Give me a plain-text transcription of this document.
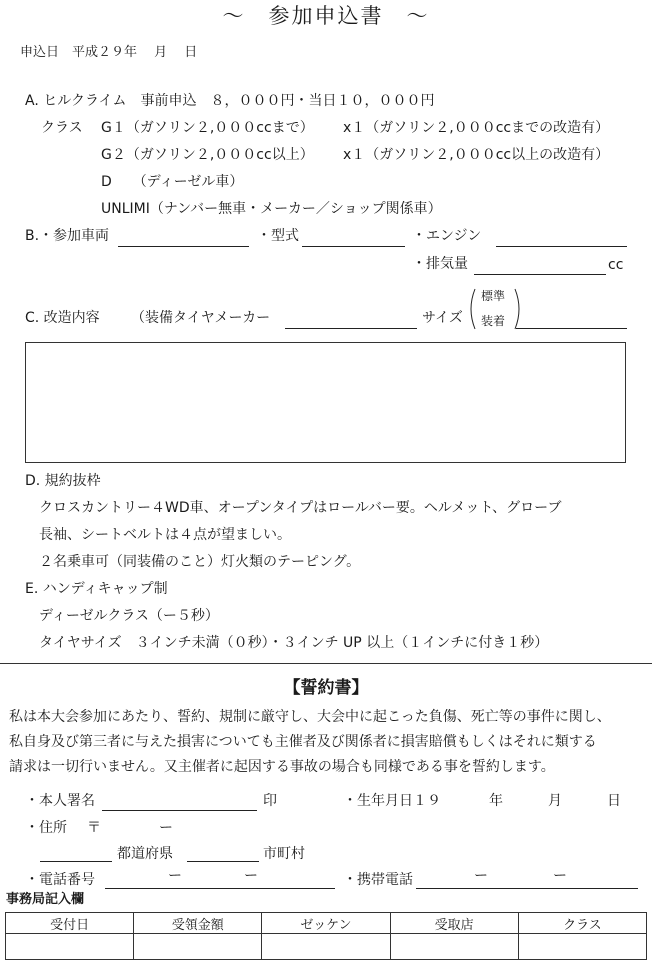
～　参加申込書　～
申込日　平成２９年　 月　 日
A. ヒルクライム　事前申込　８，０００円・当日１０，０００円
クラス G１（ガソリン２,０００ccまで） x１（ガソリン２,０００ccまでの改造有）
G２（ガソリン２,０００cc以上） x１（ガソリン２,０００cc以上の改造有）
D　　（ディーゼル車）
UNLIMI（ナンバー無車・メーカー／ショップ関係車）
B.・参加車両	・型式	・エンジン
・排気量	cc
C. 改造内容 （装備タイヤメーカー	サイズ
標準
装着
D. 規約抜枠
クロスカントリー４WD車、オープンタイプはロールバー要。ヘルメット、グローブ
長袖、シートベルトは４点が望ましい。
２名乗車可（同装備のこと）灯火類のテーピング。
E. ハンディキャップ制
ディーゼルクラス（ー５秒）
タイヤサイズ　３インチ未満（０秒）・３インチ UP 以上（１インチに付き１秒）
【誓約書】
私は本大会参加にあたり、誓約、規制に厳守し、大会中に起こった負傷、死亡等の事件に関し、
私自身及び第三者に与えた損害についても主催者及び関係者に損害賠償もしくはそれに類する
請求は一切行いません。又主催者に起因する事故の場合も同様である事を誓約します。
・本人署名	印	・生年月日１９	年	月	日
・住所 〒	ー
都道府県	市町村
・電話番号	ー	ー	・携帯電話	ー	ー
事務局記入欄
受付日	受領金額	ゼッケン	受取店	クラス
